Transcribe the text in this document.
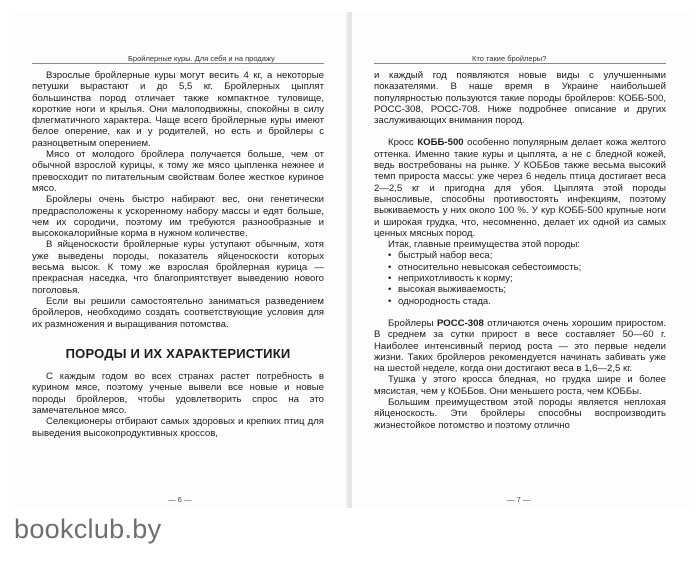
Бройлерные куры. Для себя и на продажу

Взрослые бройлерные куры могут весить 4 кг, а некоторые петушки вырастают и до 5,5 кг. Бройлерных цыплят большинства пород отличает также компактное туловище, короткие ноги и крылья. Они малоподвижны, спокойны в силу флегматичного характера. Чаще всего бройлерные куры имеют белое оперение, как и у родителей, но есть и бройлеры с разноцветным оперением.

Мясо от молодого бройлера получается больше, чем от обычной взрослой курицы, к тому же мясо цыпленка нежнее и превосходит по питательным свойствам более жесткое куриное мясо.

Бройлеры очень быстро набирают вес, они генетически предрасположены к ускоренному набору массы и едят больше, чем их сородичи, поэтому им требуются разнообразные и высококалорийные корма в нужном количестве.

В яйценоскости бройлерные куры уступают обычным, хотя уже выведены породы, показатель яйценоскости которых весьма высок. К тому же взрослая бройлерная курица — прекрасная наседка, что благоприятствует выведению нового поголовья.

Если вы решили самостоятельно заниматься разведением бройлеров, необходимо создать соответствующие условия для их размножения и выращивания потомства.

ПОРОДЫ И ИХ ХАРАКТЕРИСТИКИ

С каждым годом во всех странах растет потребность в курином мясе, поэтому ученые вывели все новые и новые породы бройлеров, чтобы удовлетворить спрос на это замечательное мясо.

Селекционеры отбирают самых здоровых и крепких птиц для выведения высокопродуктивных кроссов,

— 6 —
Кто такие бройлеры?

и каждый год появляются новые виды с улучшенными показателями. В наше время в Украине наибольшей популярностью пользуются такие породы бройлеров: КОББ-500, РОСС-308, РОСС-708. Ниже подробнее описание и других заслуживающих внимания пород.

Кросс КОББ-500 особенно популярным делает кожа желтого оттенка. Именно такие куры и цыплята, а не с бледной кожей, ведь востребованы на рынке. У КОББов также весьма высокий темп прироста массы: уже через 6 недель птица достигает веса 2—2,5 кг и пригодна для убоя. Цыплята этой породы выносливые, способны противостоять инфекциям, поэтому выживаемость у них около 100 %. У кур КОББ-500 крупные ноги и широкая грудка, что, несомненно, делает их одной из самых ценных мясных пород.

Итак, главные преимущества этой породы:

• быстрый набор веса;
• относительно невысокая себестоимость;
• неприхотливость к корму;
• высокая выживаемость;
• однородность стада.

Бройлеры РОСС-308 отличаются очень хорошим приростом. В среднем за сутки прирост в весе составляет 50—60 г. Наиболее интенсивный период роста — это первые недели жизни. Таких бройлеров рекомендуется начинать забивать уже на шестой неделе, когда они достигают веса в 1,6—2,5 кг.

Тушка у этого кросса бледная, но грудка шире и более мясистая, чем у КОББов. Они меньшего роста, чем КОББы.

Большим преимуществом этой породы является неплохая яйценоскость. Эти бройлеры способны воспроизводить жизнестойкое потомство и поэтому отлично

— 7 —
bookclub.by
